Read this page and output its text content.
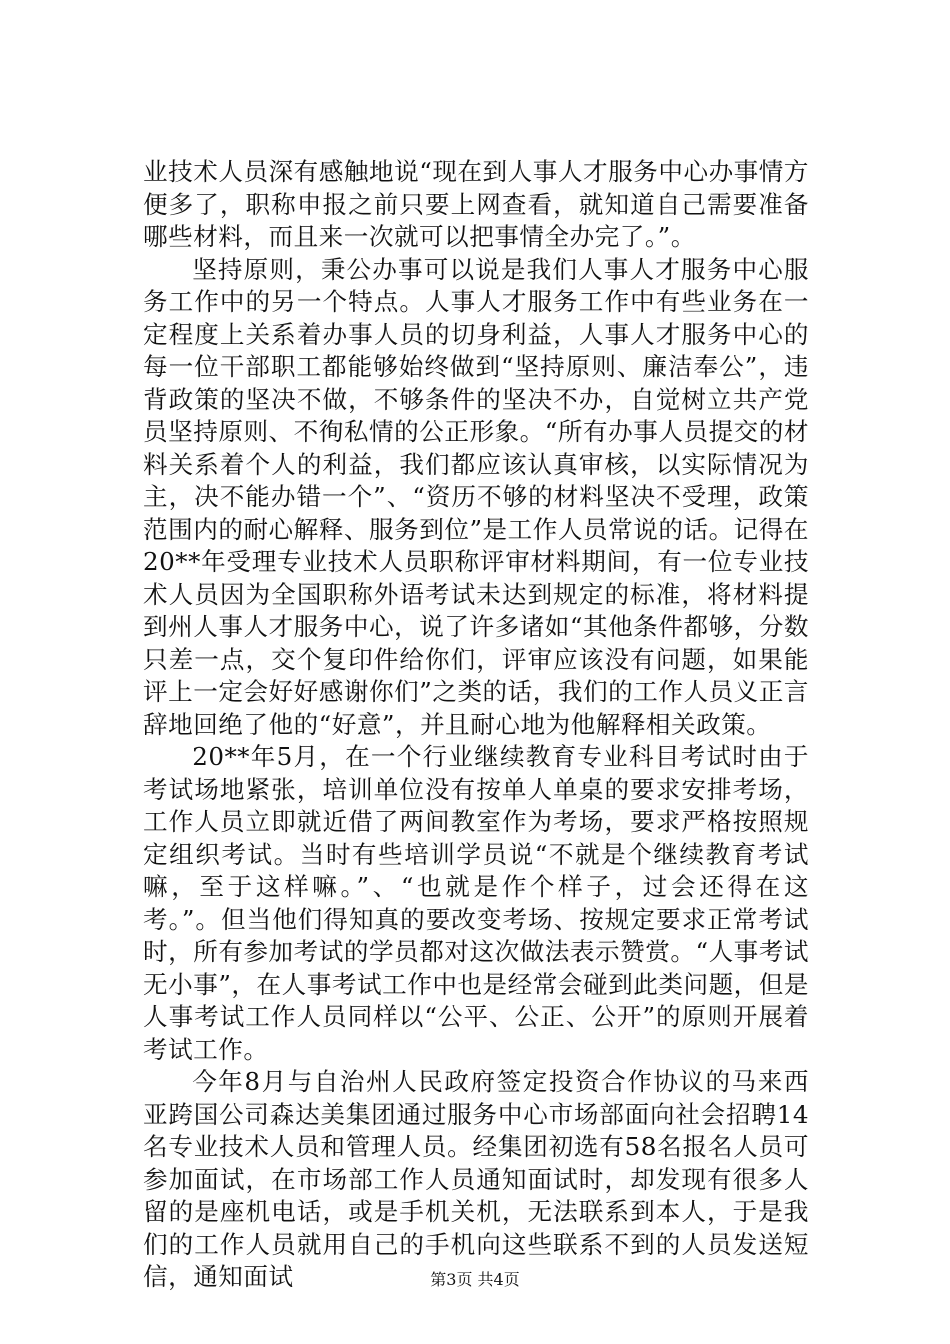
业技术人员深有感触地说“现在到人事人才服务中心办事情方便多了，职称申报之前只要上网查看，就知道自己需要准备哪些材料，而且来一次就可以把事情全办完了。”。

坚持原则，秉公办事可以说是我们人事人才服务中心服务工作中的另一个特点。人事人才服务工作中有些业务在一定程度上关系着办事人员的切身利益，人事人才服务中心的每一位干部职工都能够始终做到“坚持原则、廉洁奉公”，违背政策的坚决不做，不够条件的坚决不办，自觉树立共产党员坚持原则、不徇私情的公正形象。“所有办事人员提交的材料关系着个人的利益，我们都应该认真审核，以实际情况为主，决不能办错一个”、“资历不够的材料坚决不受理，政策范围内的耐心解释、服务到位”是工作人员常说的话。记得在20**年受理专业技术人员职称评审材料期间，有一位专业技术人员因为全国职称外语考试未达到规定的标准，将材料提到州人事人才服务中心，说了许多诸如“其他条件都够，分数只差一点，交个复印件给你们，评审应该没有问题，如果能评上一定会好好感谢你们”之类的话，我们的工作人员义正言辞地回绝了他的“好意”，并且耐心地为他解释相关政策。

20**年5月，在一个行业继续教育专业科目考试时由于考试场地紧张，培训单位没有按单人单桌的要求安排考场，工作人员立即就近借了两间教室作为考场，要求严格按照规定组织考试。当时有些培训学员说“不就是个继续教育考试嘛，至于这样嘛。”、“也就是作个样子，过会还得在这考。”。但当他们得知真的要改变考场、按规定要求正常考试时，所有参加考试的学员都对这次做法表示赞赏。“人事考试无小事”，在人事考试工作中也是经常会碰到此类问题，但是人事考试工作人员同样以“公平、公正、公开”的原则开展着考试工作。

今年8月与自治州人民政府签定投资合作协议的马来西亚跨国公司森达美集团通过服务中心市场部面向社会招聘14名专业技术人员和管理人员。经集团初选有58名报名人员可参加面试，在市场部工作人员通知面试时，却发现有很多人留的是座机电话，或是手机关机，无法联系到本人，于是我们的工作人员就用自己的手机向这些联系不到的人员发送短信，通知面试	第3页 共4页
